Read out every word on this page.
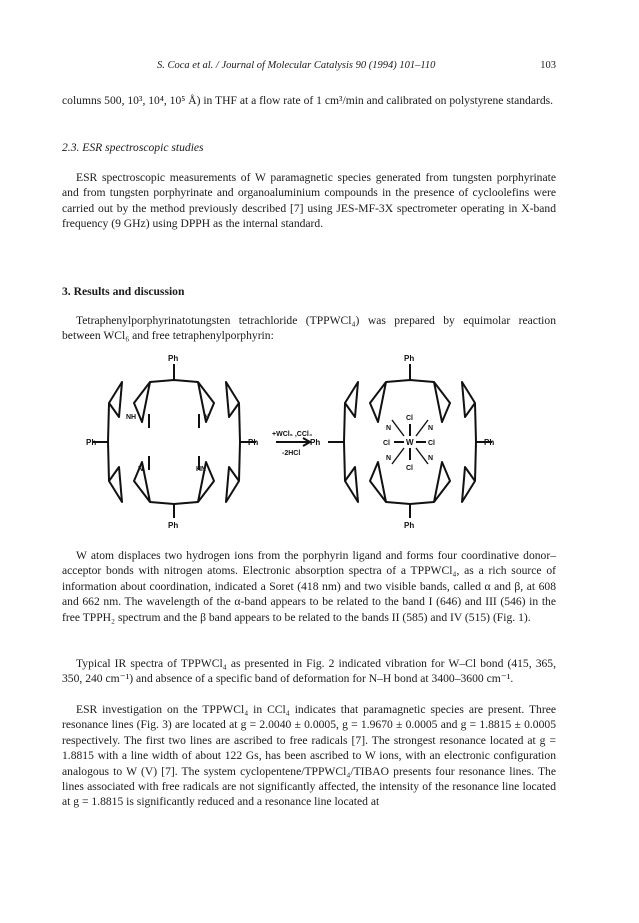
S. Coca et al. / Journal of Molecular Catalysis 90 (1994) 101–110	103

columns 500, 10³, 10⁴, 10⁵ Å) in THF at a flow rate of 1 cm³/min and calibrated on polystyrene standards.

2.3. ESR spectroscopic studies

ESR spectroscopic measurements of W paramagnetic species generated from tungsten porphyrinate and from tungsten porphyrinate and organoaluminium compounds in the presence of cycloolefins were carried out by the method previously described [7] using JES-MF-3X spectrometer operating in X-band frequency (9 GHz) using DPPH as the internal standard.

3. Results and discussion

Tetraphenylporphyrinatotungsten tetrachloride (TPPWCl₄) was prepared by equimolar reaction between WCl₆ and free tetraphenylporphyrin:

Ph
Ph	Ph
Ph
NH	N
N	HN
+WCl₆ ,CCl₄
-2HCl
Ph
Ph	Ph
Ph
Cl
Cl	Cl
Cl
W
N	N
N	N

W atom displaces two hydrogen ions from the porphyrin ligand and forms four coordinative donor–acceptor bonds with nitrogen atoms. Electronic absorption spectra of a TPPWCl₄, as a rich source of information about coordination, indicated a Soret (418 nm) and two visible bands, called α and β, at 608 and 662 nm. The wavelength of the α-band appears to be related to the band I (646) and III (546) in the free TPPH₂ spectrum and the β band appears to be related to the bands II (585) and IV (515) (Fig. 1).

Typical IR spectra of TPPWCl₄ as presented in Fig. 2 indicated vibration for W–Cl bond (415, 365, 350, 240 cm⁻¹) and absence of a specific band of deformation for N–H bond at 3400–3600 cm⁻¹.

ESR investigation on the TPPWCl₄ in CCl₄ indicates that paramagnetic species are present. Three resonance lines (Fig. 3) are located at g = 2.0040 ± 0.0005, g = 1.9670 ± 0.0005 and g = 1.8815 ± 0.0005 respectively. The first two lines are ascribed to free radicals [7]. The strongest resonance located at g = 1.8815 with a line width of about 122 Gs, has been ascribed to W ions, with an electronic configuration analogous to W (V) [7]. The system cyclopentene/TPPWCl₄/TIBAO presents four resonance lines. The lines associated with free radicals are not significantly affected, the intensity of the resonance line located at g = 1.8815 is significantly reduced and a resonance line located at
